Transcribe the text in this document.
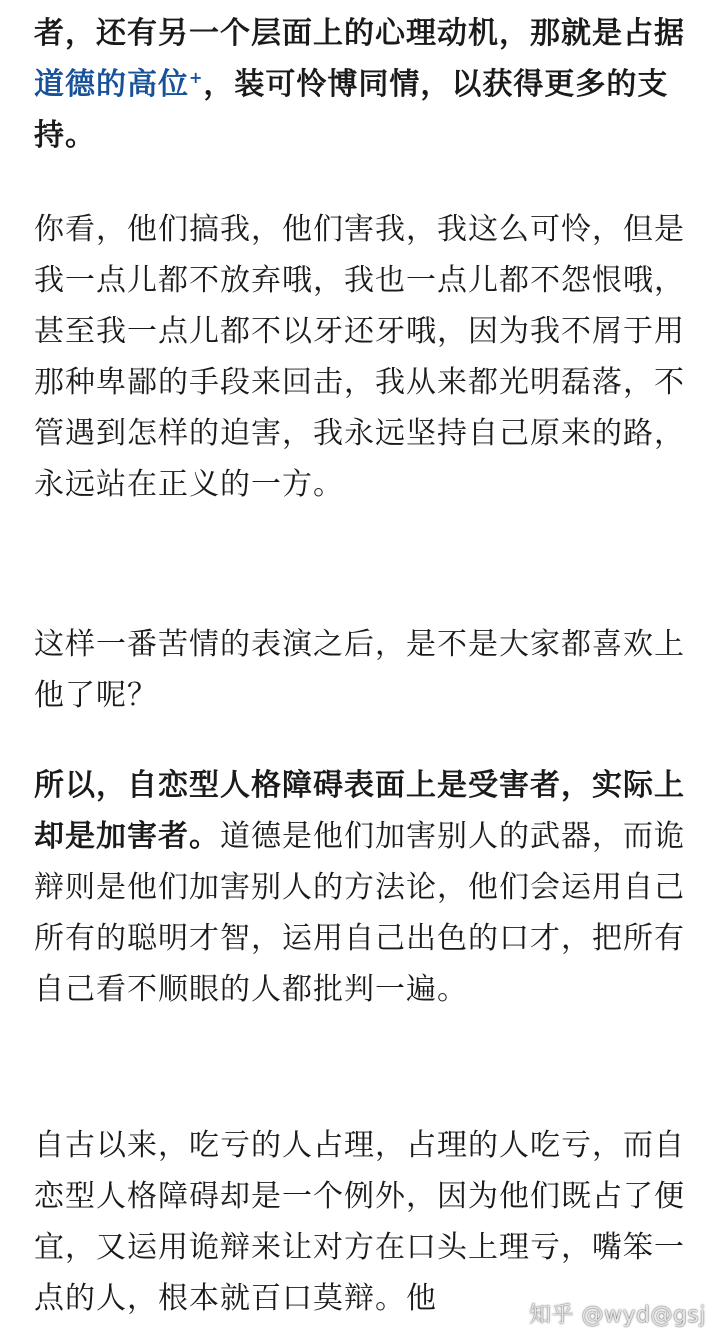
者，还有另一个层面上的心理动机，那就是占据道德的高位+，装可怜博同情，以获得更多的支持。

你看，他们搞我，他们害我，我这么可怜，但是我一点儿都不放弃哦，我也一点儿都不怨恨哦，甚至我一点儿都不以牙还牙哦，因为我不屑于用那种卑鄙的手段来回击，我从来都光明磊落，不管遇到怎样的迫害，我永远坚持自己原来的路，永远站在正义的一方。

这样一番苦情的表演之后，是不是大家都喜欢上他了呢？

所以，自恋型人格障碍表面上是受害者，实际上却是加害者。道德是他们加害别人的武器，而诡辩则是他们加害别人的方法论，他们会运用自己所有的聪明才智，运用自己出色的口才，把所有自己看不顺眼的人都批判一遍。

自古以来，吃亏的人占理，占理的人吃亏，而自恋型人格障碍却是一个例外，因为他们既占了便宜，又运用诡辩来让对方在口头上理亏，嘴笨一点的人，根本就百口莫辩。他	知乎 @wyd@gsj
